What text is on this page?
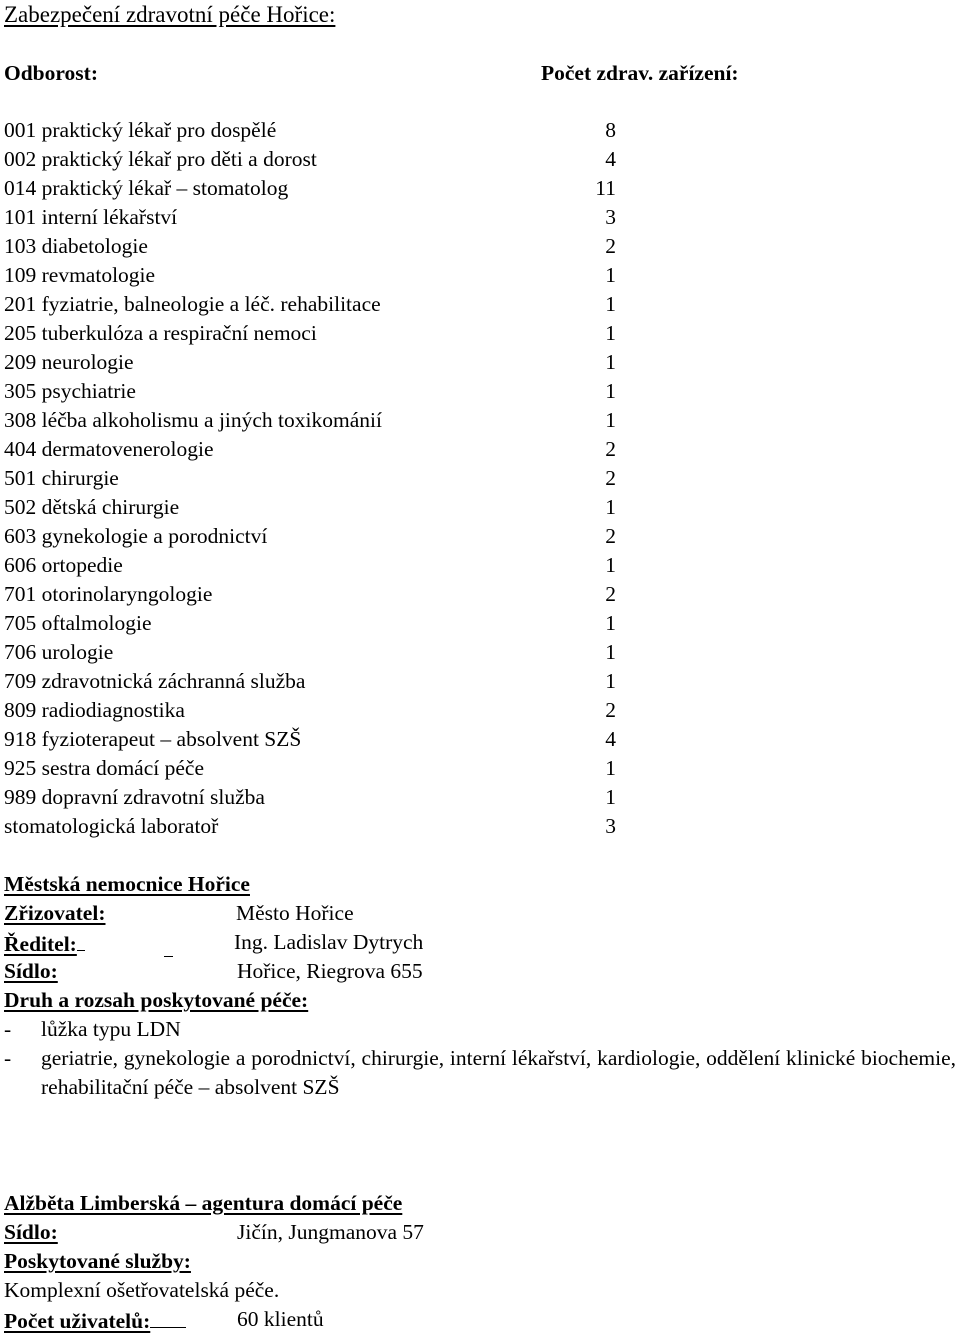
Zabezpečení zdravotní péče Hořice:
Odborost:	Počet zdrav. zařízení:
001 praktický lékař pro dospělé	8
002 praktický lékař pro děti a dorost	4
014 praktický lékař – stomatolog	11
101 interní lékařství	3
103 diabetologie	2
109 revmatologie	1
201 fyziatrie, balneologie a léč. rehabilitace	1
205 tuberkulóza a respirační nemoci	1
209 neurologie	1
305 psychiatrie	1
308 léčba alkoholismu a jiných toxikománií	1
404 dermatovenerologie	2
501 chirurgie	2
502 dětská chirurgie	1
603 gynekologie a porodnictví	2
606 ortopedie	1
701 otorinolaryngologie	2
705 oftalmologie	1
706 urologie	1
709 zdravotnická záchranná služba	1
809 radiodiagnostika	2
918 fyzioterapeut – absolvent SZŠ	4
925 sestra domácí péče	1
989 dopravní zdravotní služba	1
stomatologická laboratoř	3
Městská nemocnice Hořice
Zřizovatel:	Město Hořice
Ředitel:	Ing. Ladislav Dytrych
Sídlo:	Hořice, Riegrova 655
Druh a rozsah poskytované péče:
- lůžka typu LDN
- geriatrie, gynekologie a porodnictví, chirurgie, interní lékařství, kardiologie, oddělení klinické biochemie, rehabilitační péče – absolvent SZŠ
Alžběta Limberská – agentura domácí péče
Sídlo:	Jičín, Jungmanova 57
Poskytované služby:
Komplexní ošetřovatelská péče.
Počet uživatelů:	60 klientů
